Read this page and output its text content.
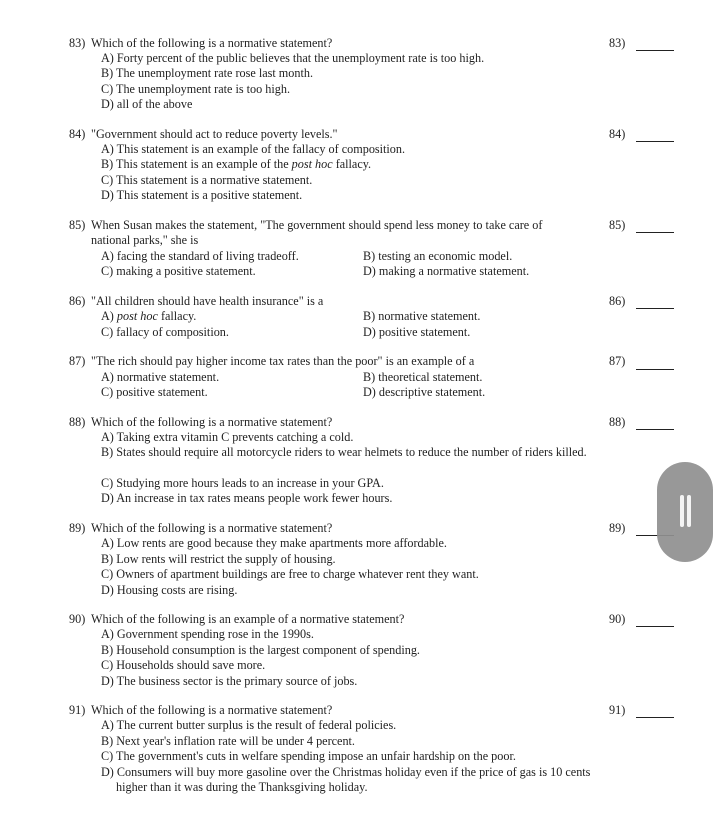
83) Which of the following is a normative statement?
A) Forty percent of the public believes that the unemployment rate is too high.
B) The unemployment rate rose last month.
C) The unemployment rate is too high.
D) all of the above
83)
84) "Government should act to reduce poverty levels."
A) This statement is an example of the fallacy of composition.
B) This statement is an example of the post hoc fallacy.
C) This statement is a normative statement.
D) This statement is a positive statement.
84)
85) When Susan makes the statement, "The government should spend less money to take care of
national parks," she is
A) facing the standard of living tradeoff.	B) testing an economic model.
C) making a positive statement.	D) making a normative statement.
85)
86) "All children should have health insurance" is a
A) post hoc fallacy.	B) normative statement.
C) fallacy of composition.	D) positive statement.
86)
87) "The rich should pay higher income tax rates than the poor" is an example of a
A) normative statement.	B) theoretical statement.
C) positive statement.	D) descriptive statement.
87)
88) Which of the following is a normative statement?
A) Taking extra vitamin C prevents catching a cold.
B) States should require all motorcycle riders to wear helmets to reduce the number of riders killed.
C) Studying more hours leads to an increase in your GPA.
D) An increase in tax rates means people work fewer hours.
88)
89) Which of the following is a normative statement?
A) Low rents are good because they make apartments more affordable.
B) Low rents will restrict the supply of housing.
C) Owners of apartment buildings are free to charge whatever rent they want.
D) Housing costs are rising.
89)
90) Which of the following is an example of a normative statement?
A) Government spending rose in the 1990s.
B) Household consumption is the largest component of spending.
C) Households should save more.
D) The business sector is the primary source of jobs.
90)
91) Which of the following is a normative statement?
A) The current butter surplus is the result of federal policies.
B) Next year's inflation rate will be under 4 percent.
C) The government's cuts in welfare spending impose an unfair hardship on the poor.
D) Consumers will buy more gasoline over the Christmas holiday even if the price of gas is 10 cents higher than it was during the Thanksgiving holiday.
91)
